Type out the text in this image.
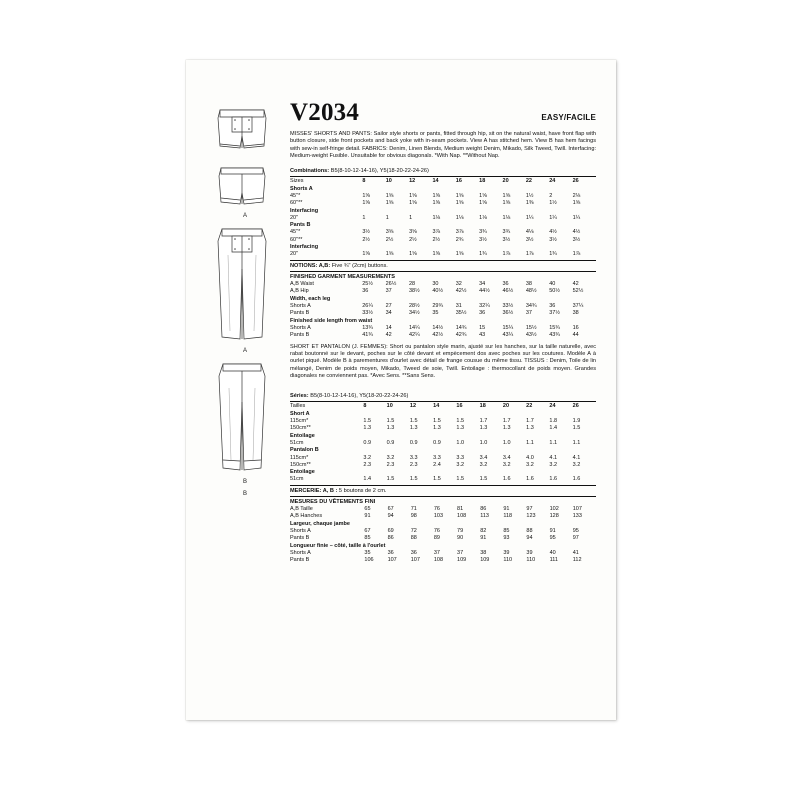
A
A
B
B
V2034	EASY/FACILE
MISSES' SHORTS AND PANTS: Sailor style shorts or pants, fitted through hip, sit on the natural waist, have front flap with button closure, side front pockets and back yoke with in-seam pockets. View A has stitched hem. View B has hem facings with sew-in self-fringe detail. FABRICS: Denim, Linen Blends, Medium weight Denim, Mikado, Silk Tweed, Twill. Interfacing: Medium-weight Fusible. Unsuitable for obvious diagonals. *With Nap. **Without Nap.
Combinations: B5(8-10-12-14-16), Y5(18-20-22-24-26)
Sizes	8	10	12	14	16	18	20	22	24	26
Shorts A										
45"*	1⅝	1⅝	1⅝	1⅝	1⅝	1⅝	1⅝	1½	2	2⅛
60"**	1⅝	1⅝	1⅝	1⅝	1⅝	1⅝	1⅝	1⅜	1½	1⅝
Interfacing										
20"	1	1	1	1⅛	1⅛	1⅛	1⅛	1¼	1¼	1¼
Pants B										
45"*	3½	3⅝	3⅝	3⅞	3⅞	3¾	3¾	4⅛	4½	4½
60"**	2½	2½	2½	2½	2¾	3½	3½	3½	3½	3½
Interfacing										
20"	1⅝	1⅝	1⅝	1⅝	1⅝	1¾	1⅞	1⅞	1¾	1⅞
NOTIONS: A,B: Five ¾" (2cm) buttons.
FINISHED GARMENT MEASUREMENTS
A,B Waist	25½	26½	28	30	32	34	36	38	40	42
A,B Hip	36	37	38½	40½	42½	44½	46½	48½	50½	52½
Width, each leg										
Shorts A	26¼	27	28½	29¾	31	32¼	33½	34¾	36	37¼
Pants B	33½	34	34½	35	35½	36	36½	37	37½	38
Finished side length from waist										
Shorts A	13¾	14	14¼	14½	14¾	15	15¼	15½	15¾	16
Pants B	41¾	42	42¼	42½	42¾	43	43¼	43½	43¾	44
SHORT ET PANTALON (J. FEMMES): Short ou pantalon style marin, ajusté sur les hanches, sur la taille naturelle, avec rabat boutonné sur le devant, poches sur le côté devant et empècement dos avec poches sur les coutures. Modèle A à ourlet piqué. Modèle B à parementures d'ourlet avec détail de frange cousue du même tissu. TISSUS : Denim, Toile de lin mélangé, Denim de poids moyen, Mikado, Tweed de soie, Twill. Entoilage : thermocollant de poids moyen. Grandes diagonales ne conviennent pas. *Avec Sens. **Sans Sens.
Séries: B5(8-10-12-14-16), Y5(18-20-22-24-26)
Tailles	8	10	12	14	16	18	20	22	24	26
Short A										
115cm*	1.5	1.5	1.5	1.5	1.5	1.7	1.7	1.7	1.8	1.9
150cm**	1.3	1.3	1.3	1.3	1.3	1.3	1.3	1.3	1.4	1.5
Entoilage										
51cm	0.9	0.9	0.9	0.9	1.0	1.0	1.0	1.1	1.1	1.1
Pantalon B										
115cm*	3.2	3.2	3.3	3.3	3.3	3.4	3.4	4.0	4.1	4.1
150cm**	2.3	2.3	2.3	2.4	3.2	3.2	3.2	3.2	3.2	3.2
Entoilage										
51cm	1.4	1.5	1.5	1.5	1.5	1.5	1.6	1.6	1.6	1.6
MERCERIE: A, B : 5 boutons de 2 cm.
MESURES DU VÊTEMENTS FINI
A,B Taille	65	67	71	76	81	86	91	97	102	107
A,B Hanches	91	94	98	103	108	113	118	123	128	133
Largeur, chaque jambe										
Shorts A	67	69	72	76	79	82	85	88	91	95
Pants B	85	86	88	89	90	91	93	94	95	97
Longueur finie – côté, taille à l'ourlet										
Shorts A	35	36	36	37	37	38	39	39	40	41
Pants B	106	107	107	108	109	109	110	110	111	112
